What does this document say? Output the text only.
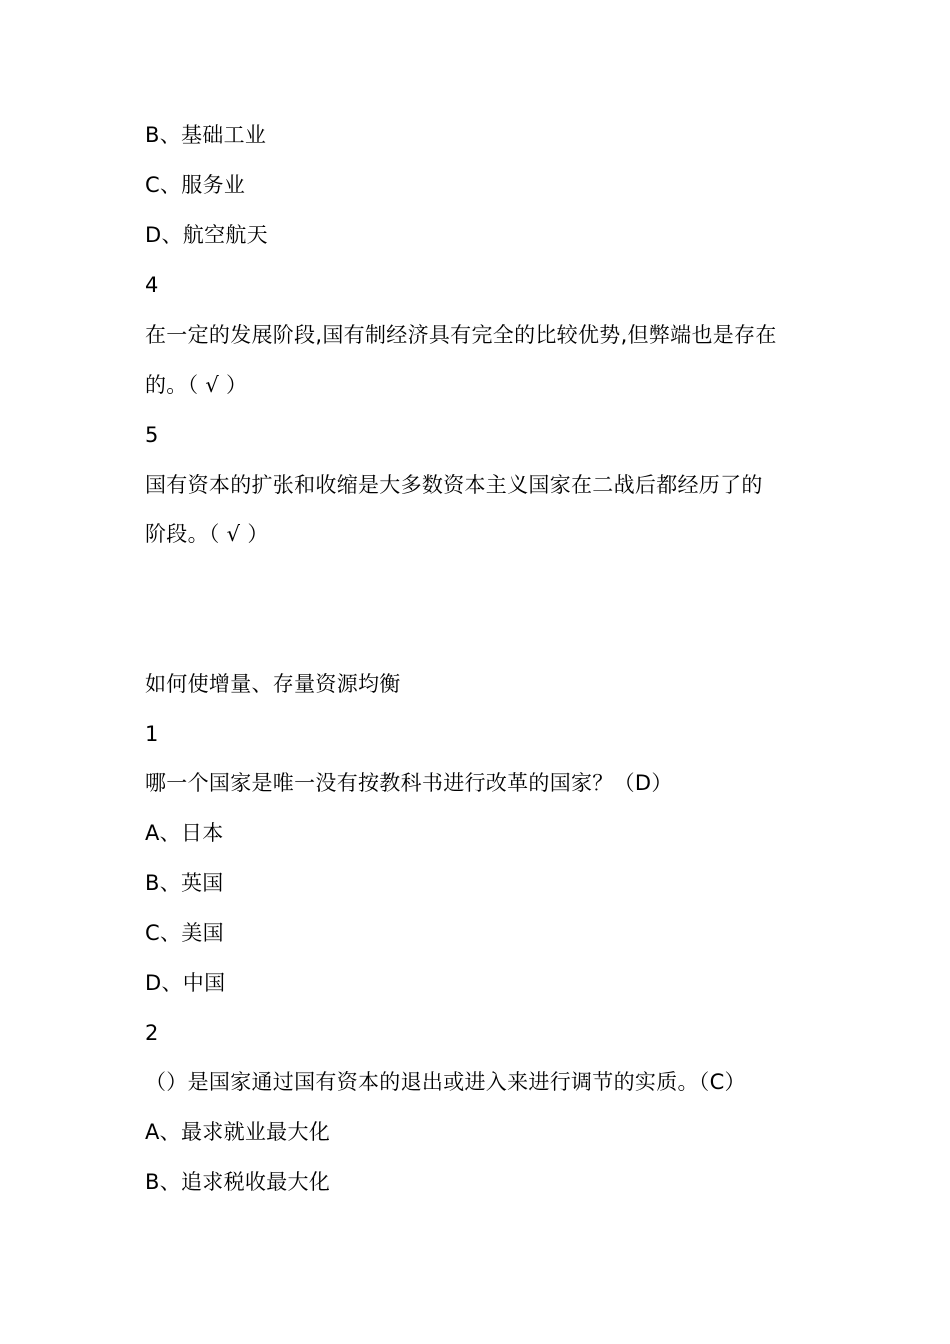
B、基础工业
C、服务业
D、航空航天
4
在一定的发展阶段,国有制经济具有完全的比较优势,但弊端也是存在
的。（ √ ）
5
国有资本的扩张和收缩是大多数资本主义国家在二战后都经历了的
阶段。（ √ ）
如何使增量、存量资源均衡
1
哪一个国家是唯一没有按教科书进行改革的国家？（D）
A、日本
B、英国
C、美国
D、中国
2
（）是国家通过国有资本的退出或进入来进行调节的实质。（C）
A、最求就业最大化
B、追求税收最大化
